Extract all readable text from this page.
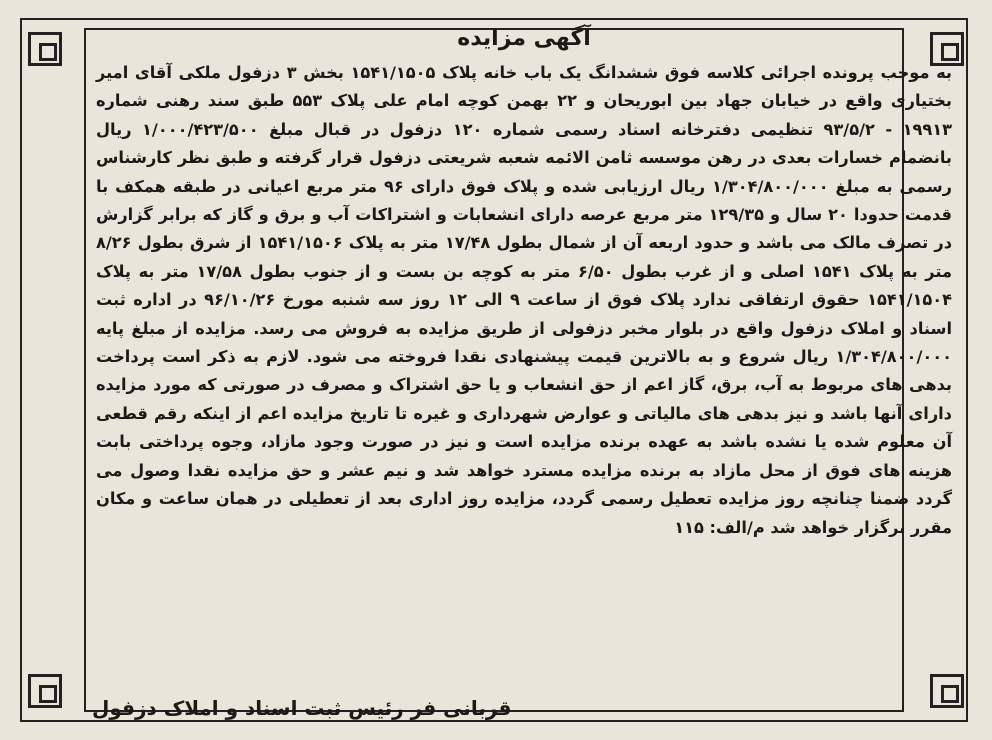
آگهی مزایده
به موجب پرونده اجرائی کلاسه فوق ششدانگ یک باب خانه پلاک ۱۵۴۱/۱۵۰۵ بخش ۳ دزفول ملکی آقای امیر بختیاری واقع در خیابان جهاد بین ابوریحان و ۲۲ بهمن کوچه امام علی پلاک ۵۵۳ طبق سند رهنی شماره ۱۹۹۱۳ - ۹۳/۵/۲ تنظیمی دفترخانه اسناد رسمی شماره ۱۲۰ دزفول در قبال مبلغ ۱/۰۰۰/۴۲۳/۵۰۰ ریال بانضمام خسارات بعدی در رهن موسسه ثامن الائمه شعبه شریعتی دزفول قرار گرفته و طبق نظر کارشناس رسمی به مبلغ ۱/۳۰۴/۸۰۰/۰۰۰ ریال ارزیابی شده و پلاک فوق دارای ۹۶ متر مربع اعیانی در طبقه همکف با قدمت حدودا ۲۰ سال و ۱۲۹/۳۵ متر مربع عرصه دارای انشعابات و اشتراکات آب و برق و گاز که برابر گزارش در تصرف مالک می باشد و حدود اربعه آن از شمال بطول ۱۷/۴۸ متر به پلاک ۱۵۴۱/۱۵۰۶ از شرق بطول ۸/۲۶ متر به پلاک ۱۵۴۱ اصلی و از غرب بطول ۶/۵۰ متر به کوچه بن بست و از جنوب بطول ۱۷/۵۸ متر به پلاک ۱۵۴۱/۱۵۰۴ حقوق ارتفاقی ندارد پلاک فوق از ساعت ۹ الی ۱۲ روز سه شنبه مورخ ۹۶/۱۰/۲۶ در اداره ثبت اسناد و املاک دزفول واقع در بلوار مخبر دزفولی از طریق مزایده به فروش می رسد. مزایده از مبلغ پایه ۱/۳۰۴/۸۰۰/۰۰۰ ریال شروع و به بالاترین قیمت پیشنهادی نقدا فروخته می شود. لازم به ذکر است پرداخت بدهی های مربوط به آب، برق، گاز اعم از حق انشعاب و یا حق اشتراک و مصرف در صورتی که مورد مزایده دارای آنها باشد و نیز بدهی های مالیاتی و عوارض شهرداری و غیره تا تاریخ مزایده اعم از اینکه رقم قطعی آن معلوم شده یا نشده باشد به عهده برنده مزایده است و نیز در صورت وجود مازاد، وجوه پرداختی بابت هزینه های فوق از محل مازاد به برنده مزایده مسترد خواهد شد و نیم عشر و حق مزایده نقدا وصول می گردد ضمنا چنانچه روز مزایده تعطیل رسمی گردد، مزایده روز اداری بعد از تعطیلی در همان ساعت و مکان مقرر برگزار خواهد شد م/الف: ۱۱۵
قربانی فر رئیس ثبت اسناد و املاک دزفول
